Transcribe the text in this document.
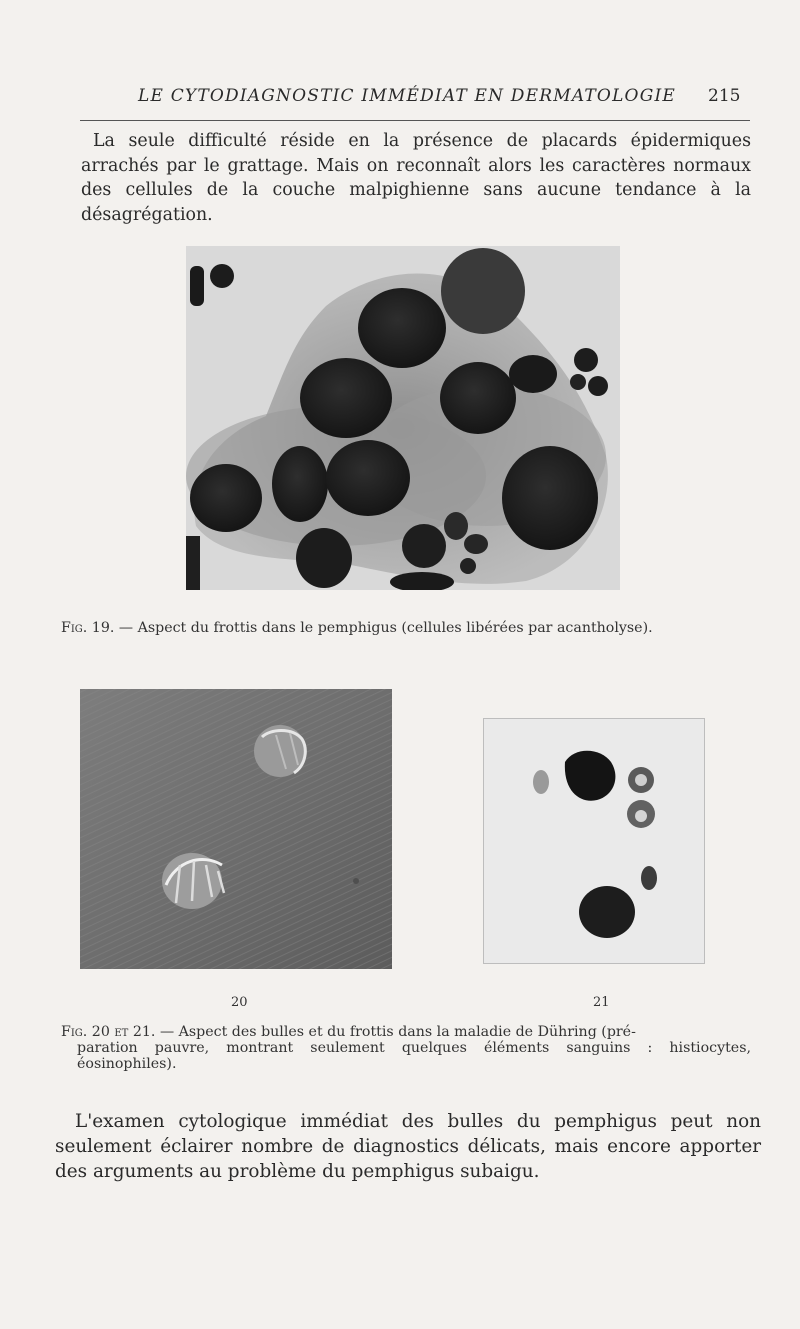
LE CYTODIAGNOSTIC IMMÉDIAT EN DERMATOLOGIE 215

La seule difficulté réside en la présence de placards épidermiques arrachés par le grattage. Mais on reconnaît alors les caractères normaux des cellules de la couche malpighienne sans aucune tendance à la désagrégation.

Fig. 19. — Aspect du frottis dans le pemphigus (cellules libérées par acantholyse).
20	21
Fig. 20 et 21. — Aspect des bulles et du frottis dans la maladie de Dühring (pré-
paration pauvre, montrant seulement quelques éléments sanguins : histiocytes, éosinophiles).

L'examen cytologique immédiat des bulles du pemphigus peut non seulement éclairer nombre de diagnostics délicats, mais encore apporter des arguments au problème du pemphigus subaigu.
